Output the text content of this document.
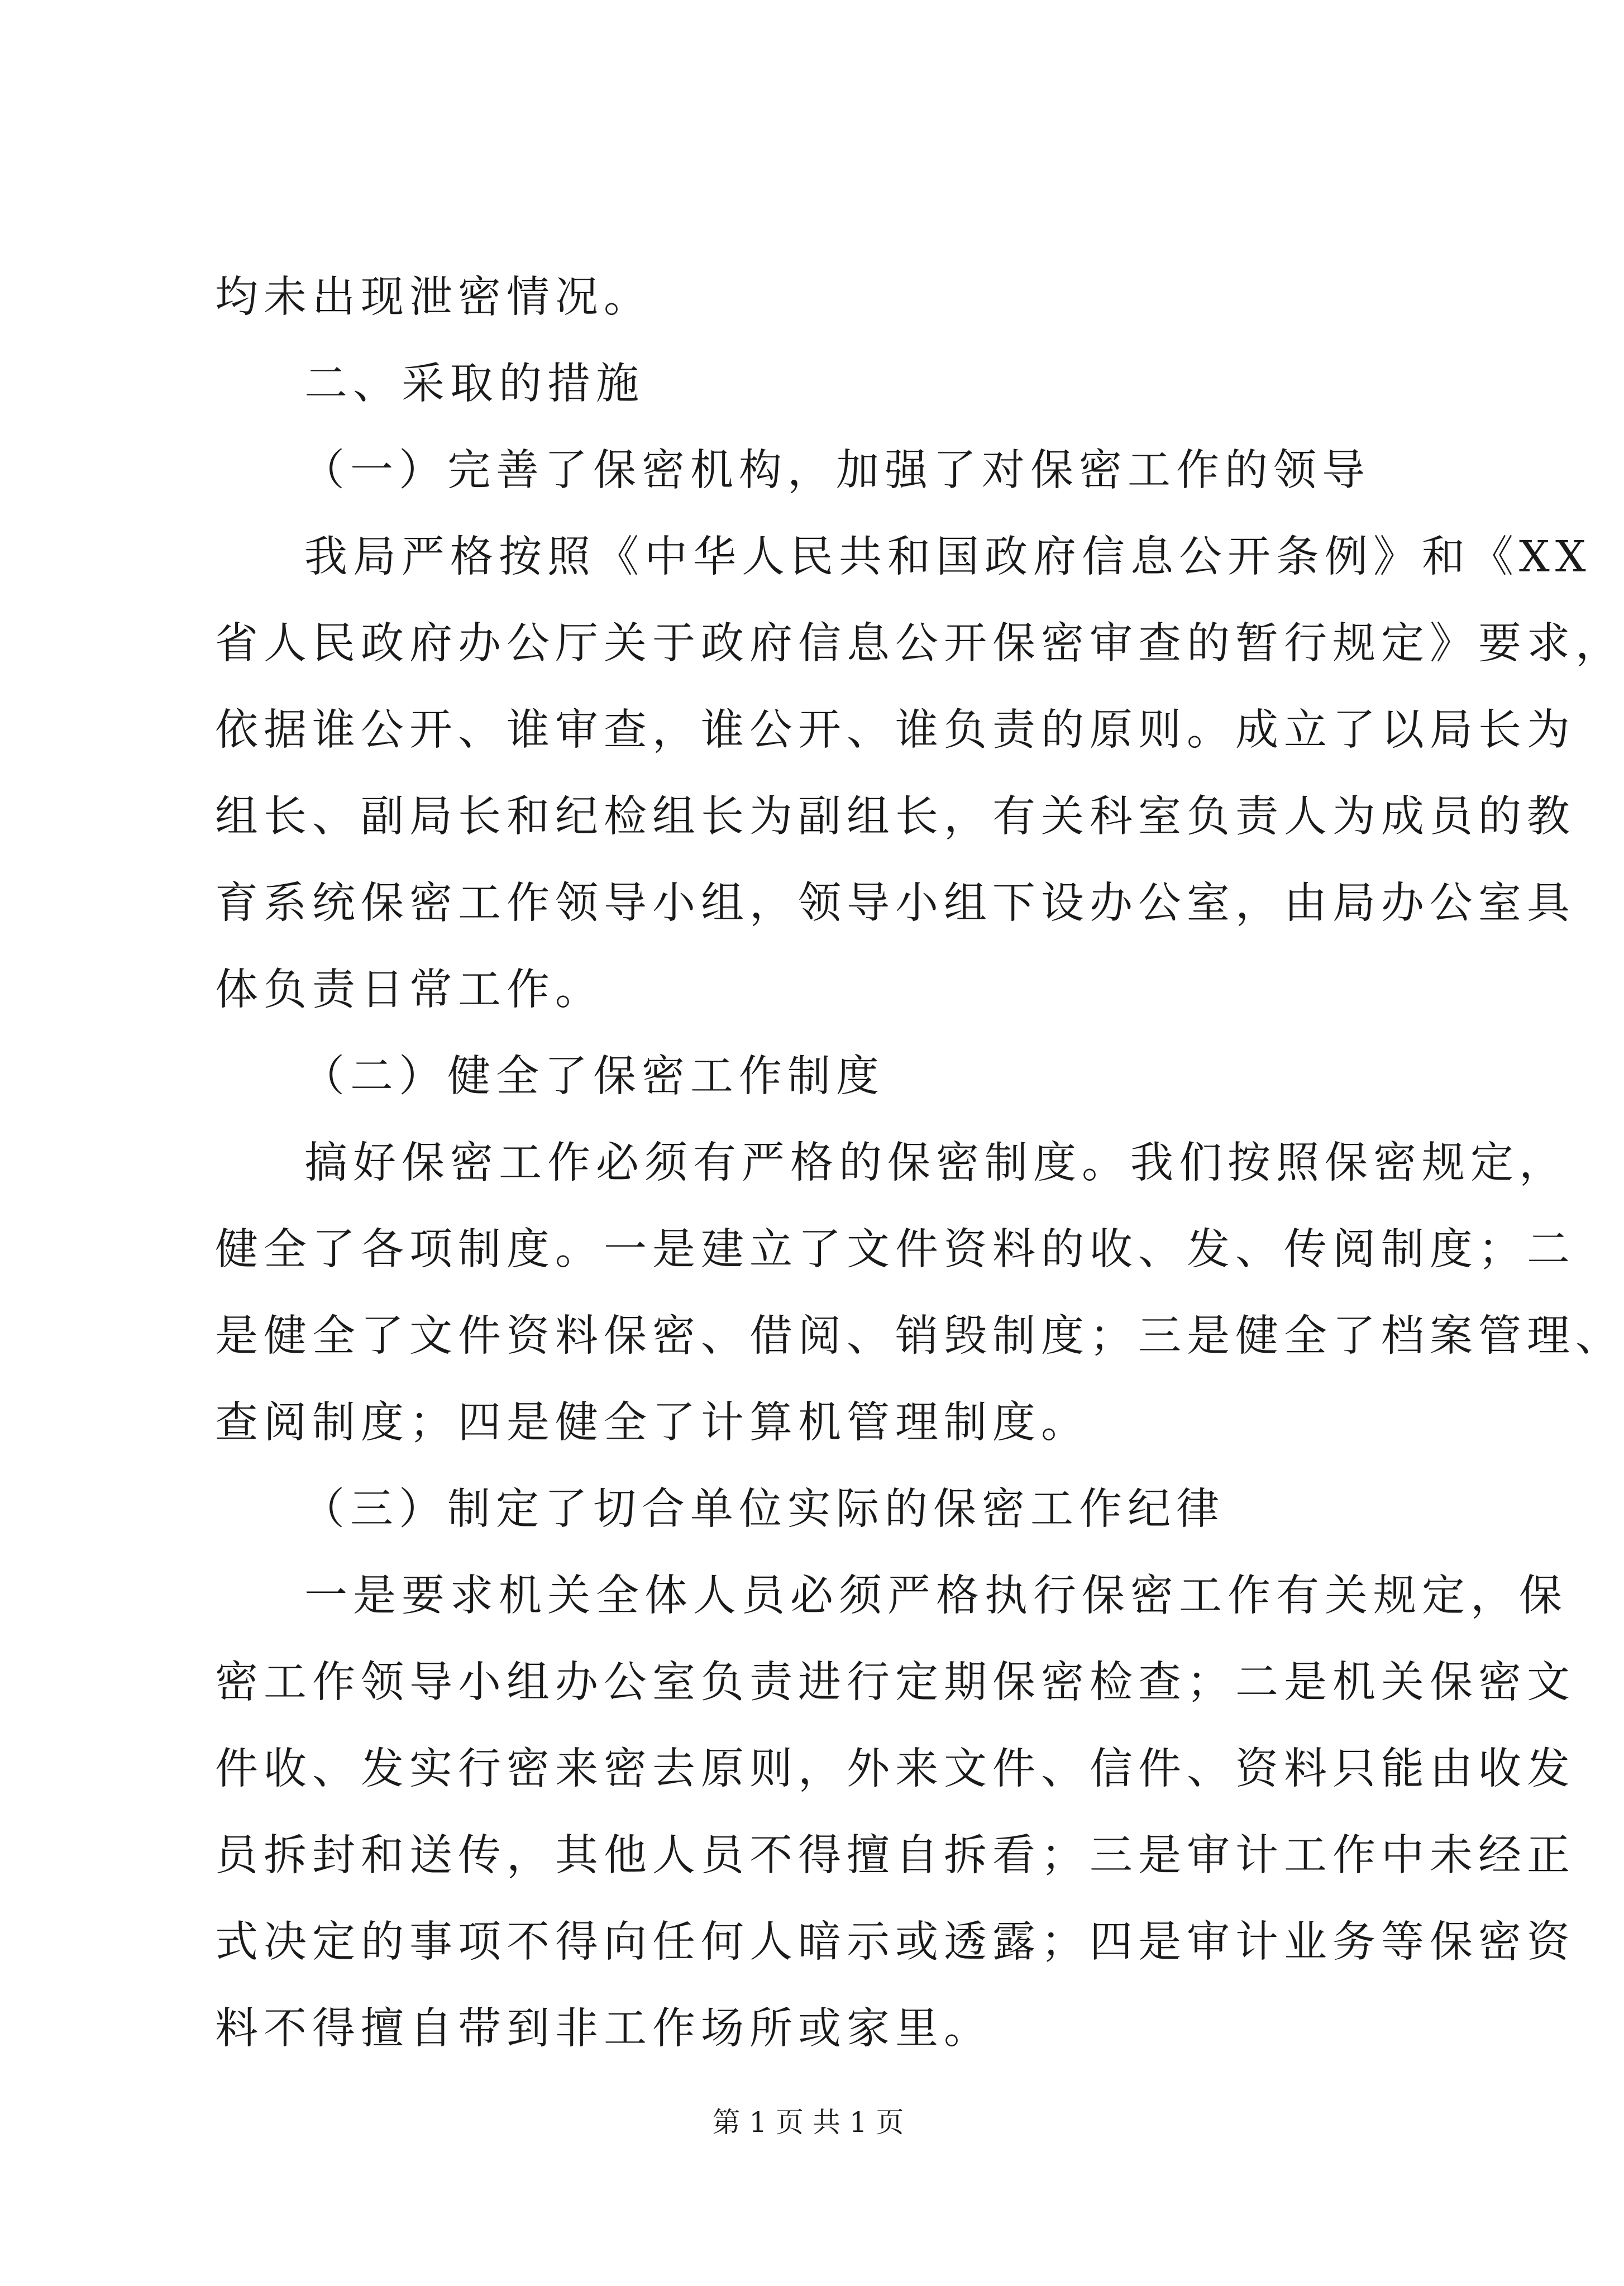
均未出现泄密情况。
二、采取的措施
（一）完善了保密机构，加强了对保密工作的领导
我局严格按照《中华人民共和国政府信息公开条例》和《XX
省人民政府办公厅关于政府信息公开保密审查的暂行规定》要求，
依据谁公开、谁审查，谁公开、谁负责的原则。成立了以局长为
组长、副局长和纪检组长为副组长，有关科室负责人为成员的教
育系统保密工作领导小组，领导小组下设办公室，由局办公室具
体负责日常工作。
（二）健全了保密工作制度
搞好保密工作必须有严格的保密制度。我们按照保密规定，
健全了各项制度。一是建立了文件资料的收、发、传阅制度；二
是健全了文件资料保密、借阅、销毁制度；三是健全了档案管理、
查阅制度；四是健全了计算机管理制度。
（三）制定了切合单位实际的保密工作纪律
一是要求机关全体人员必须严格执行保密工作有关规定，保
密工作领导小组办公室负责进行定期保密检查；二是机关保密文
件收、发实行密来密去原则，外来文件、信件、资料只能由收发
员拆封和送传，其他人员不得擅自拆看；三是审计工作中未经正
式决定的事项不得向任何人暗示或透露；四是审计业务等保密资
料不得擅自带到非工作场所或家里。
第 1 页 共 1 页
